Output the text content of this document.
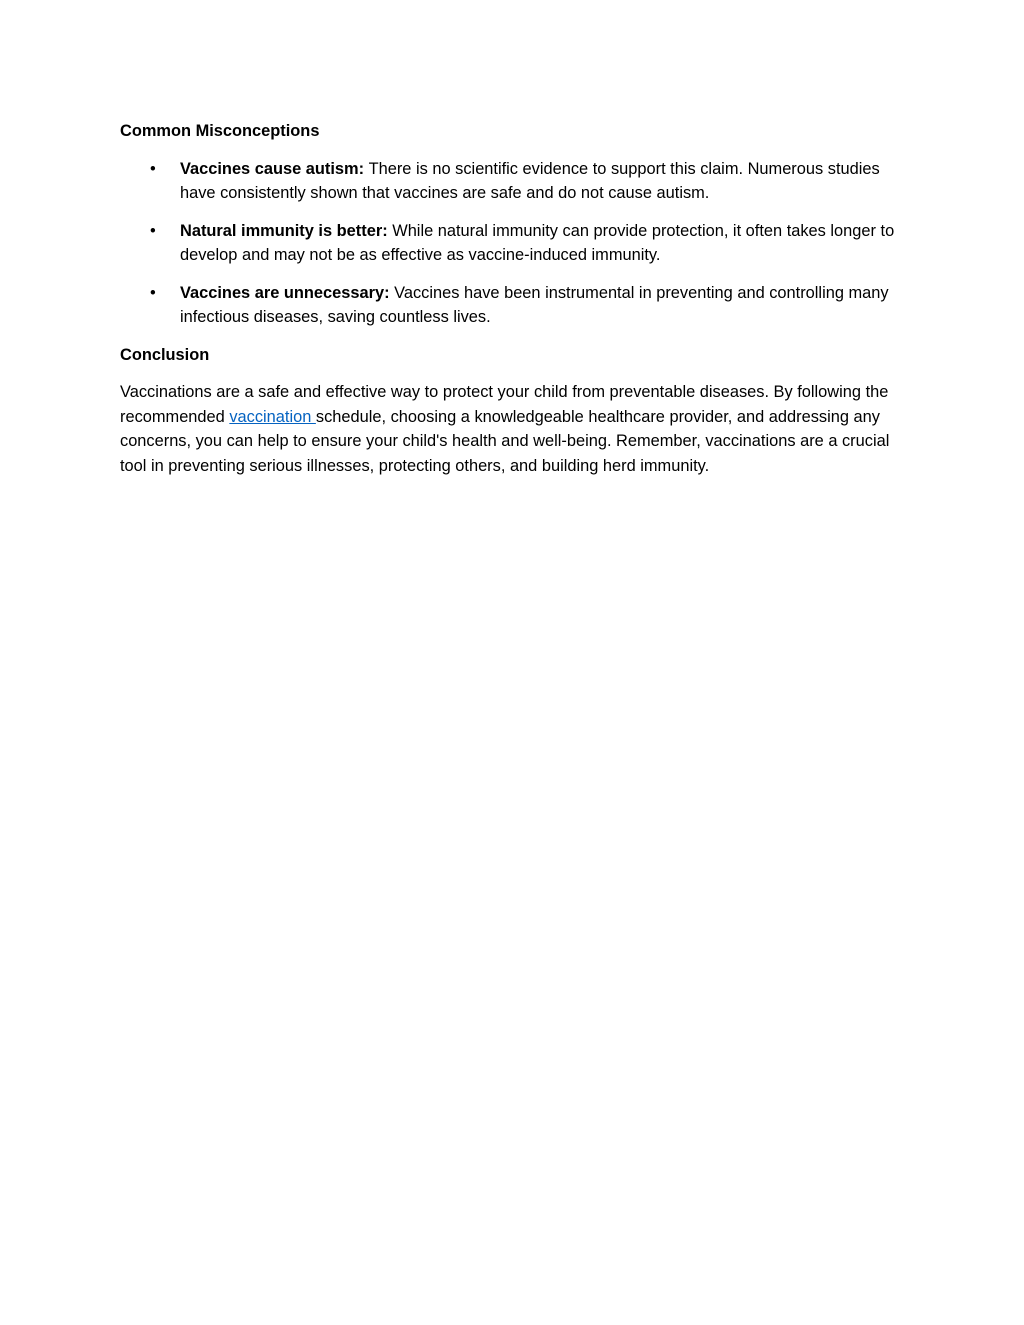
Common Misconceptions

• Vaccines cause autism: There is no scientific evidence to support this claim. Numerous studies have consistently shown that vaccines are safe and do not cause autism.
• Natural immunity is better: While natural immunity can provide protection, it often takes longer to develop and may not be as effective as vaccine-induced immunity.
• Vaccines are unnecessary: Vaccines have been instrumental in preventing and controlling many infectious diseases, saving countless lives.

Conclusion

Vaccinations are a safe and effective way to protect your child from preventable diseases. By following the recommended vaccination schedule, choosing a knowledgeable healthcare provider, and addressing any concerns, you can help to ensure your child's health and well-being. Remember, vaccinations are a crucial tool in preventing serious illnesses, protecting others, and building herd immunity.
